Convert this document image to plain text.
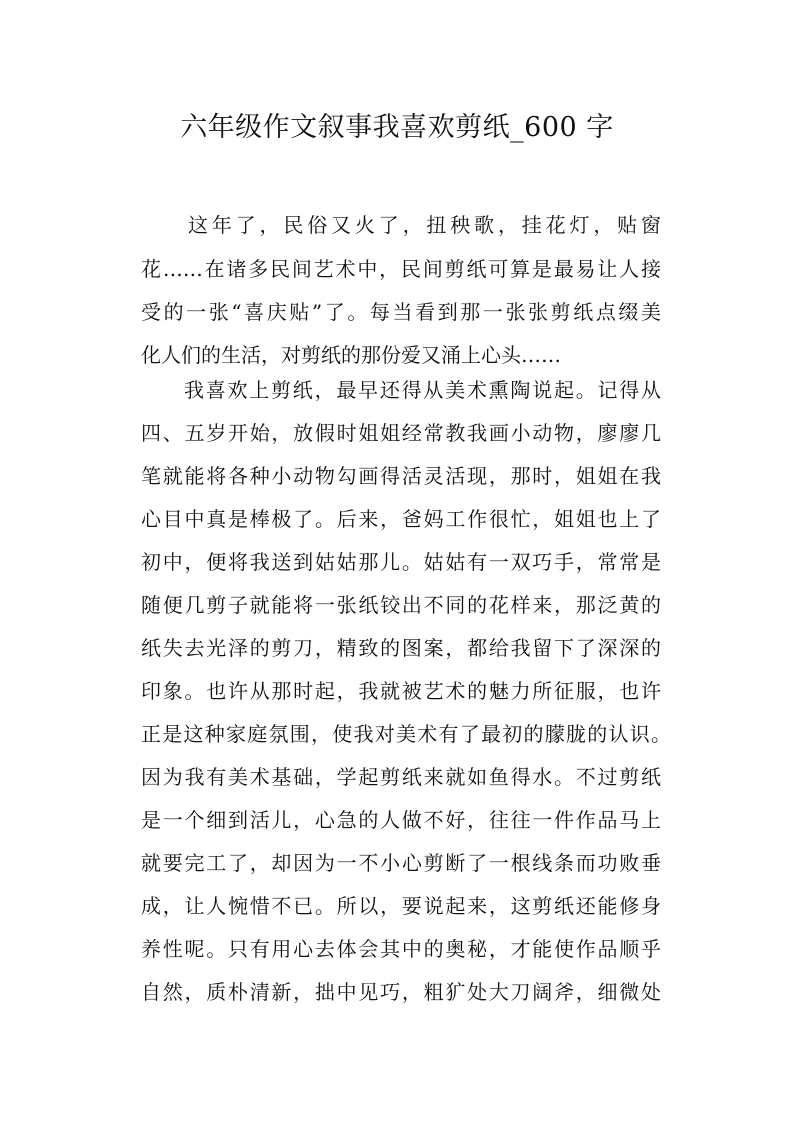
六年级作文叙事我喜欢剪纸_600 字
这年了，民俗又火了，扭秧歌，挂花灯，贴窗
花……在诸多民间艺术中，民间剪纸可算是最易让人接
受的一张“喜庆贴”了。每当看到那一张张剪纸点缀美
化人们的生活，对剪纸的那份爱又涌上心头……
我喜欢上剪纸，最早还得从美术熏陶说起。记得从
四、五岁开始，放假时姐姐经常教我画小动物，廖廖几
笔就能将各种小动物勾画得活灵活现，那时，姐姐在我
心目中真是棒极了。后来，爸妈工作很忙，姐姐也上了
初中，便将我送到姑姑那儿。姑姑有一双巧手，常常是
随便几剪子就能将一张纸铰出不同的花样来，那泛黄的
纸失去光泽的剪刀，精致的图案，都给我留下了深深的
印象。也许从那时起，我就被艺术的魅力所征服，也许
正是这种家庭氛围，使我对美术有了最初的朦胧的认识。
因为我有美术基础，学起剪纸来就如鱼得水。不过剪纸
是一个细到活儿，心急的人做不好，往往一件作品马上
就要完工了，却因为一不小心剪断了一根线条而功败垂
成，让人惋惜不已。所以，要说起来，这剪纸还能修身
养性呢。只有用心去体会其中的奥秘，才能使作品顺乎
自然，质朴清新，拙中见巧，粗犷处大刀阔斧，细微处
